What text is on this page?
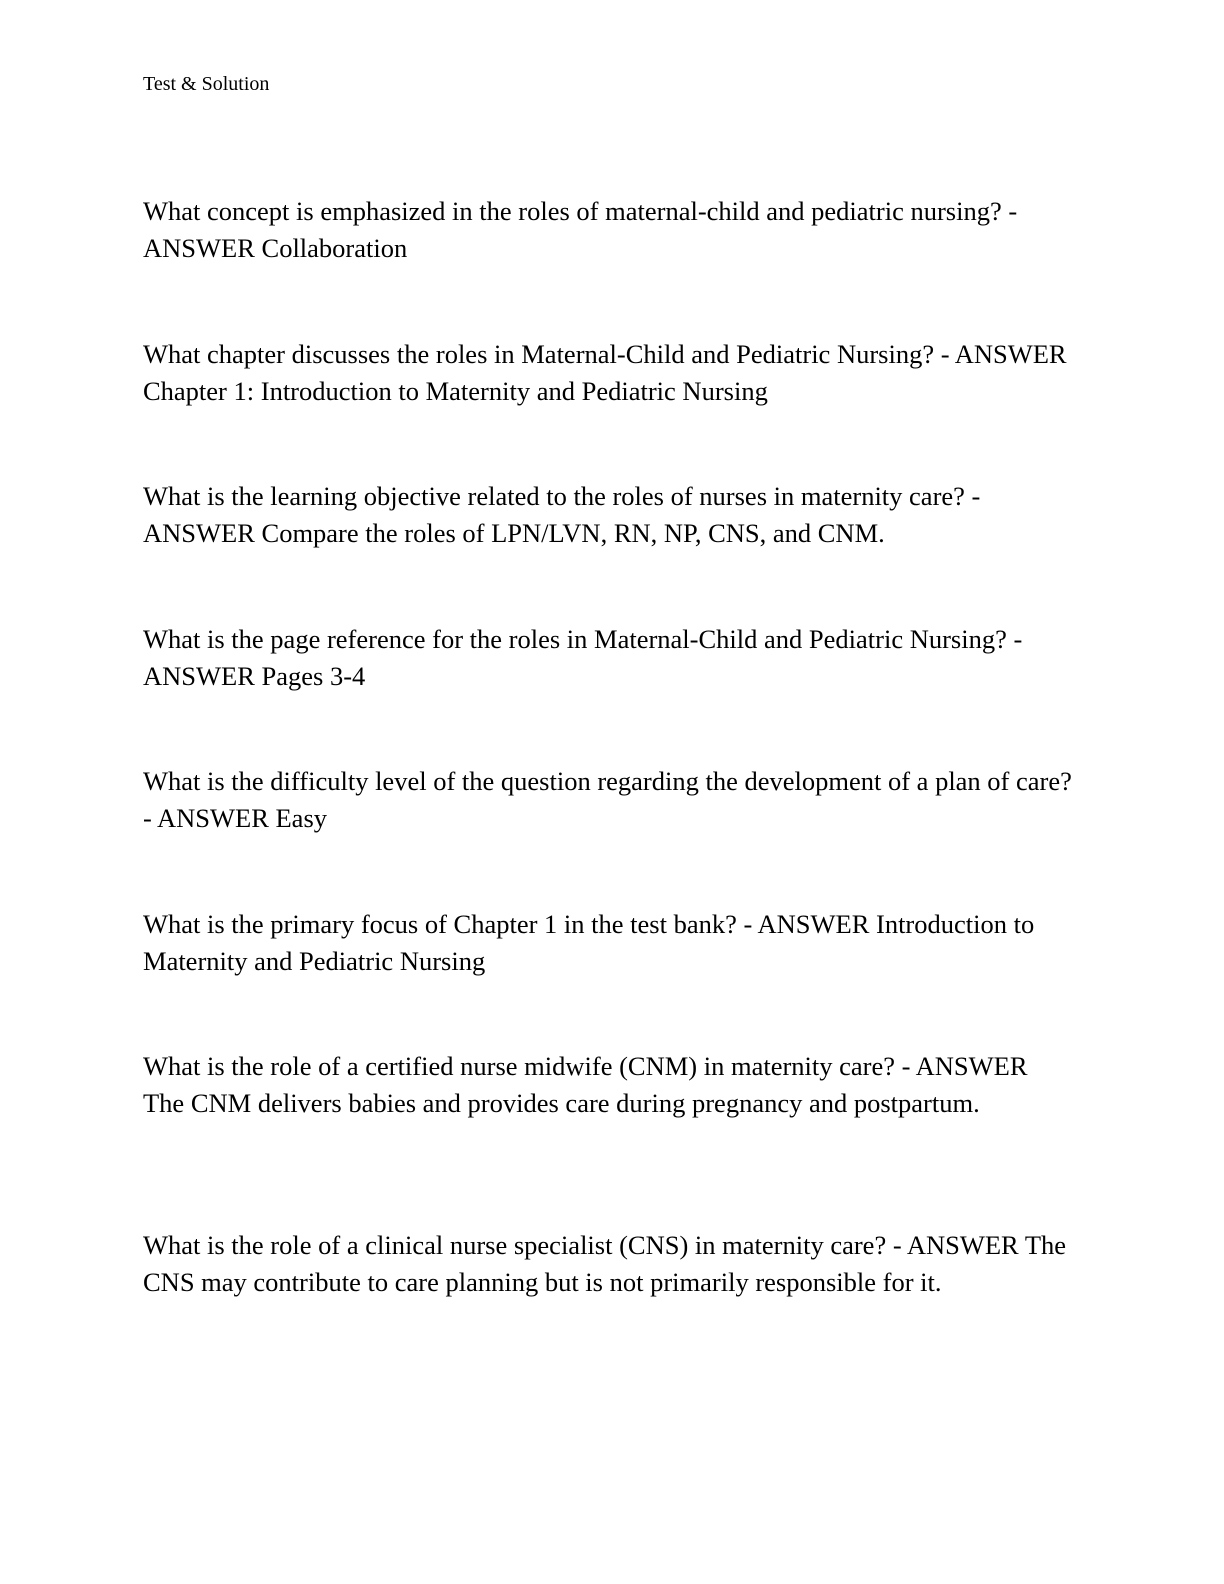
Test & Solution

What concept is emphasized in the roles of maternal-child and pediatric nursing? - ANSWER Collaboration

What chapter discusses the roles in Maternal-Child and Pediatric Nursing? - ANSWER Chapter 1: Introduction to Maternity and Pediatric Nursing

What is the learning objective related to the roles of nurses in maternity care? - ANSWER Compare the roles of LPN/LVN, RN, NP, CNS, and CNM.

What is the page reference for the roles in Maternal-Child and Pediatric Nursing? - ANSWER Pages 3-4

What is the difficulty level of the question regarding the development of a plan of care? - ANSWER Easy

What is the primary focus of Chapter 1 in the test bank? - ANSWER Introduction to Maternity and Pediatric Nursing

What is the role of a certified nurse midwife (CNM) in maternity care? - ANSWER The CNM delivers babies and provides care during pregnancy and postpartum.

What is the role of a clinical nurse specialist (CNS) in maternity care? - ANSWER The CNS may contribute to care planning but is not primarily responsible for it.
